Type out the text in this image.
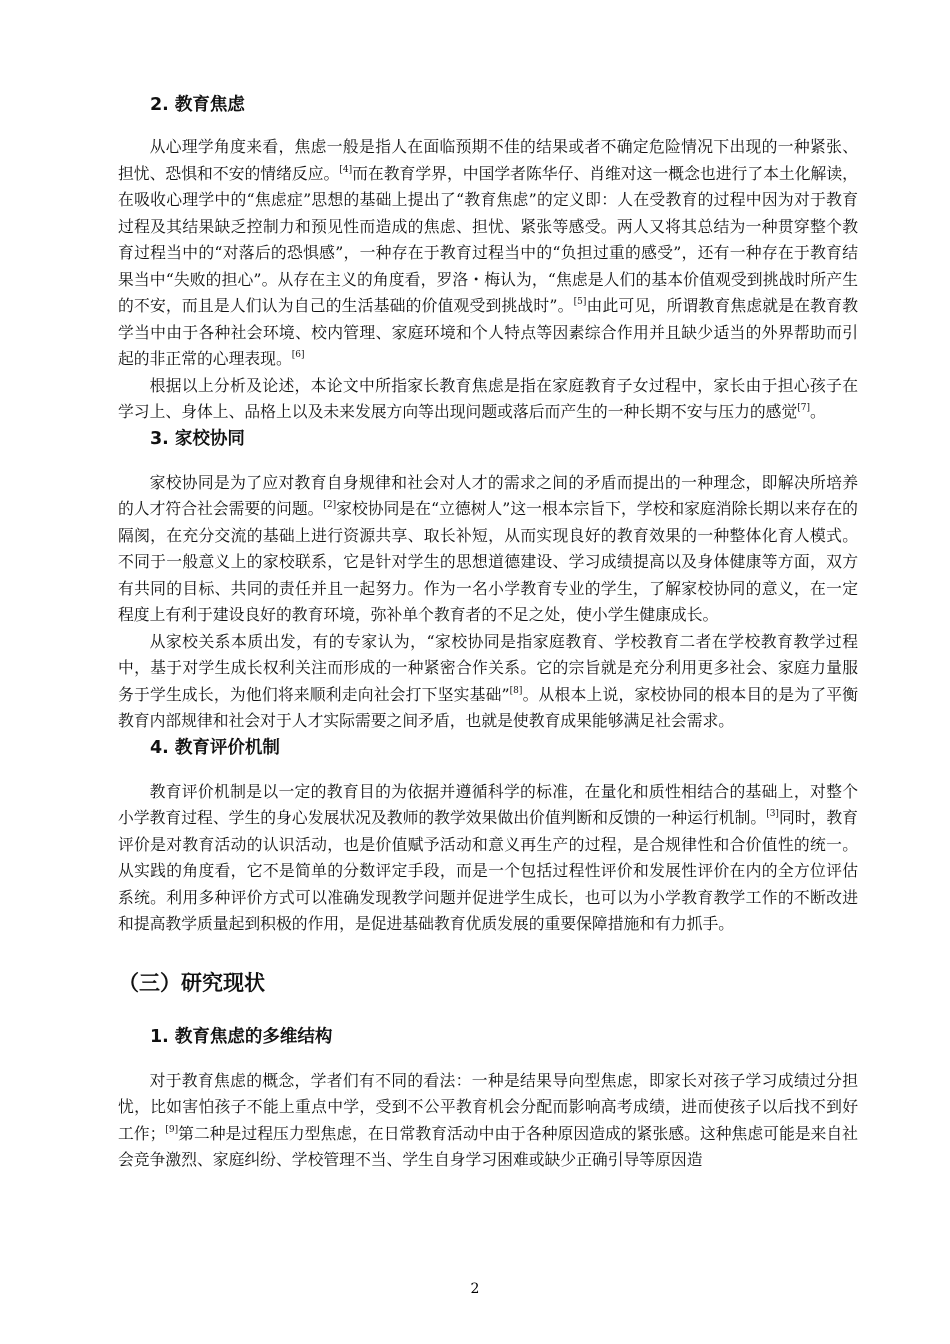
2. 教育焦虑

从心理学角度来看，焦虑一般是指人在面临预期不佳的结果或者不确定危险情况下出现的一种紧张、担忧、恐惧和不安的情绪反应。[4]而在教育学界，中国学者陈华仔、肖维对这一概念也进行了本土化解读，在吸收心理学中的“焦虑症”思想的基础上提出了“教育焦虑”的定义即：人在受教育的过程中因为对于教育过程及其结果缺乏控制力和预见性而造成的焦虑、担忧、紧张等感受。两人又将其总结为一种贯穿整个教育过程当中的“对落后的恐惧感”，一种存在于教育过程当中的“负担过重的感受”，还有一种存在于教育结果当中“失败的担心”。从存在主义的角度看，罗洛・梅认为，“焦虑是人们的基本价值观受到挑战时所产生的不安，而且是人们认为自己的生活基础的价值观受到挑战时”。[5]由此可见，所谓教育焦虑就是在教育教学当中由于各种社会环境、校内管理、家庭环境和个人特点等因素综合作用并且缺少适当的外界帮助而引起的非正常的心理表现。[6]

根据以上分析及论述，本论文中所指家长教育焦虑是指在家庭教育子女过程中，家长由于担心孩子在学习上、身体上、品格上以及未来发展方向等出现问题或落后而产生的一种长期不安与压力的感觉[7]。

3. 家校协同

家校协同是为了应对教育自身规律和社会对人才的需求之间的矛盾而提出的一种理念，即解决所培养的人才符合社会需要的问题。[2]家校协同是在“立德树人”这一根本宗旨下，学校和家庭消除长期以来存在的隔阂，在充分交流的基础上进行资源共享、取长补短，从而实现良好的教育效果的一种整体化育人模式。不同于一般意义上的家校联系，它是针对学生的思想道德建设、学习成绩提高以及身体健康等方面，双方有共同的目标、共同的责任并且一起努力。作为一名小学教育专业的学生，了解家校协同的意义，在一定程度上有利于建设良好的教育环境，弥补单个教育者的不足之处，使小学生健康成长。

从家校关系本质出发，有的专家认为，“家校协同是指家庭教育、学校教育二者在学校教育教学过程中，基于对学生成长权利关注而形成的一种紧密合作关系。它的宗旨就是充分利用更多社会、家庭力量服务于学生成长，为他们将来顺利走向社会打下坚实基础”[8]。从根本上说，家校协同的根本目的是为了平衡教育内部规律和社会对于人才实际需要之间矛盾，也就是使教育成果能够满足社会需求。

4. 教育评价机制

教育评价机制是以一定的教育目的为依据并遵循科学的标准，在量化和质性相结合的基础上，对整个小学教育过程、学生的身心发展状况及教师的教学效果做出价值判断和反馈的一种运行机制。[3]同时，教育评价是对教育活动的认识活动，也是价值赋予活动和意义再生产的过程，是合规律性和合价值性的统一。从实践的角度看，它不是简单的分数评定手段，而是一个包括过程性评价和发展性评价在内的全方位评估系统。利用多种评价方式可以准确发现教学问题并促进学生成长，也可以为小学教育教学工作的不断改进和提高教学质量起到积极的作用，是促进基础教育优质发展的重要保障措施和有力抓手。

（三）研究现状
1. 教育焦虑的多维结构

对于教育焦虑的概念，学者们有不同的看法：一种是结果导向型焦虑，即家长对孩子学习成绩过分担忧，比如害怕孩子不能上重点中学，受到不公平教育机会分配而影响高考成绩，进而使孩子以后找不到好工作；[9]第二种是过程压力型焦虑，在日常教育活动中由于各种原因造成的紧张感。这种焦虑可能是来自社会竞争激烈、家庭纠纷、学校管理不当、学生自身学习困难或缺少正确引导等原因造

2
